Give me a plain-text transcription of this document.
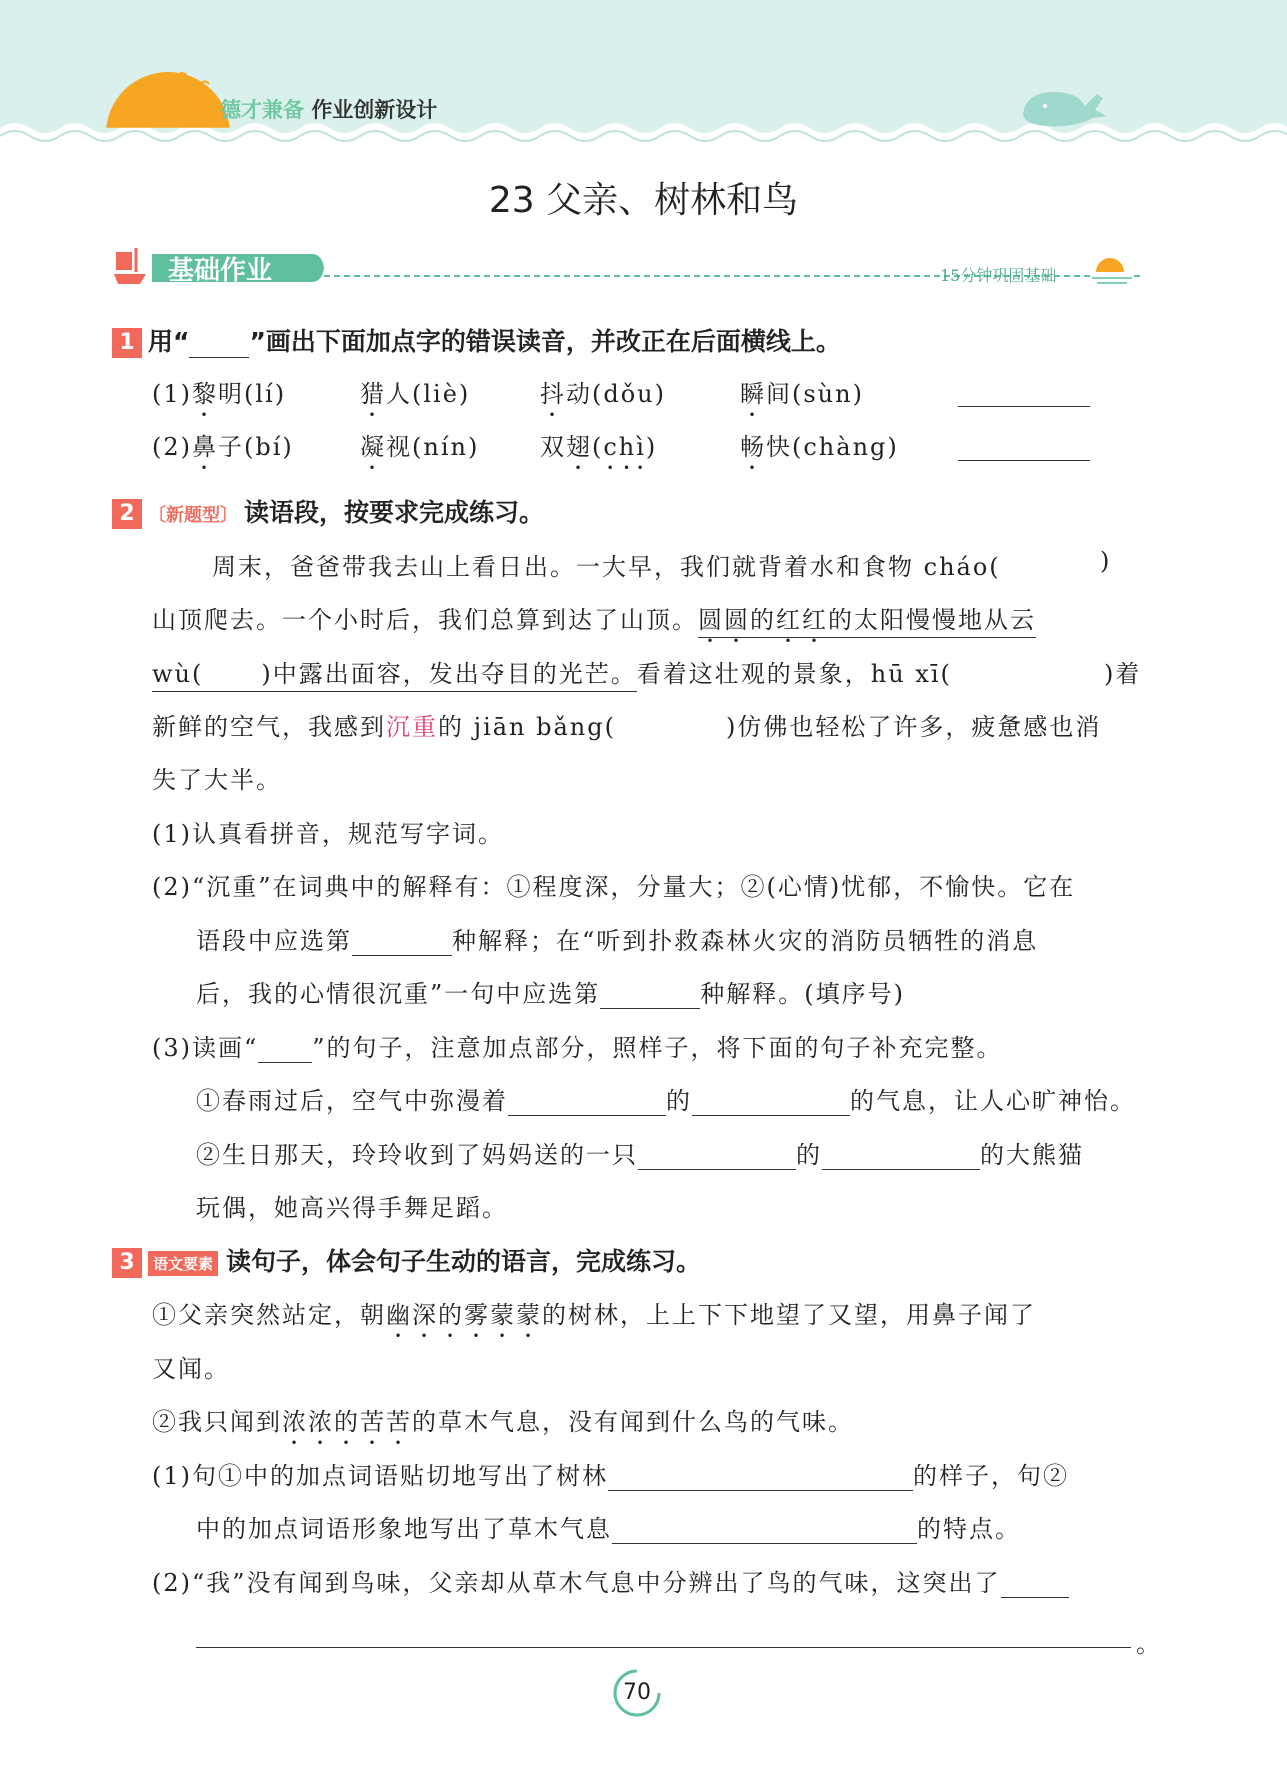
德才兼备 作业创新设计
23 父亲、树林和鸟
基础作业	15分钟巩固基础
1 用“ ”画出下面加点字的错误读音，并改正在后面横线上。
(1)黎明(lí)	猎人(liè)	抖动(dǒu)	瞬间(sùn)
(2)鼻子(bí)	凝视(nín)	双翅(chì)	畅快(chàng)
2 〔新题型〕 读语段，按要求完成练习。
周末，爸爸带我去山上看日出。一大早，我们就背着水和食物 cháo(	)
山顶爬去。一个小时后，我们总算到达了山顶。圆圆的红红的太阳慢慢地从云
wù( )中露出面容，发出夺目的光芒。看着这壮观的景象，hū xī(	)着
新鲜的空气，我感到沉重的 jiān bǎng(	)仿佛也轻松了许多，疲惫感也消
失了大半。
(1)认真看拼音，规范写字词。
(2)“沉重”在词典中的解释有：①程度深，分量大；②(心情)忧郁，不愉快。它在
语段中应选第	种解释；在“听到扑救森林火灾的消防员牺牲的消息
后，我的心情很沉重”一句中应选第	种解释。(填序号)
(3)读画“ ”的句子，注意加点部分，照样子，将下面的句子补充完整。
①春雨过后，空气中弥漫着	的	的气息，让人心旷神怡。
②生日那天，玲玲收到了妈妈送的一只	的	的大熊猫
玩偶，她高兴得手舞足蹈。
3 语文要素 读句子，体会句子生动的语言，完成练习。
①父亲突然站定，朝幽深的雾蒙蒙的树林，上上下下地望了又望，用鼻子闻了
又闻。
②我只闻到浓浓的苦苦的草木气息，没有闻到什么鸟的气味。
(1)句①中的加点词语贴切地写出了树林	的样子，句②
中的加点词语形象地写出了草木气息	的特点。
(2)“我”没有闻到鸟味，父亲却从草木气息中分辨出了鸟的气味，这突出了
。
70
